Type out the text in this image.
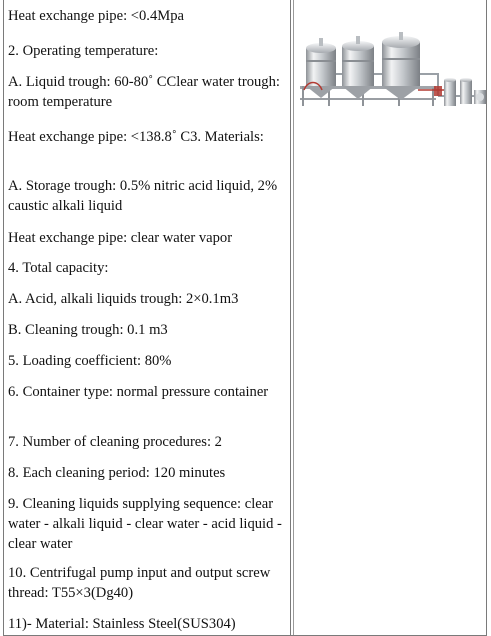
Heat exchange pipe: <0.4Mpa

2. Operating temperature:

A. Liquid trough: 60-80˚ CClear water trough: room temperature

Heat exchange pipe: <138.8˚ C3. Materials:

A. Storage trough: 0.5% nitric acid liquid, 2% caustic alkali liquid

Heat exchange pipe: clear water vapor

4. Total capacity:

A. Acid, alkali liquids trough: 2×0.1m3

B. Cleaning trough: 0.1 m3

5. Loading coefficient: 80%

6. Container type: normal pressure container

7. Number of cleaning procedures: 2

8. Each cleaning period: 120 minutes

9. Cleaning liquids supplying sequence: clear water - alkali liquid - clear water - acid liquid - clear water

10. Centrifugal pump input and output screw thread: T55×3(Dg40)

11)- Material: Stainless Steel(SUS304)
